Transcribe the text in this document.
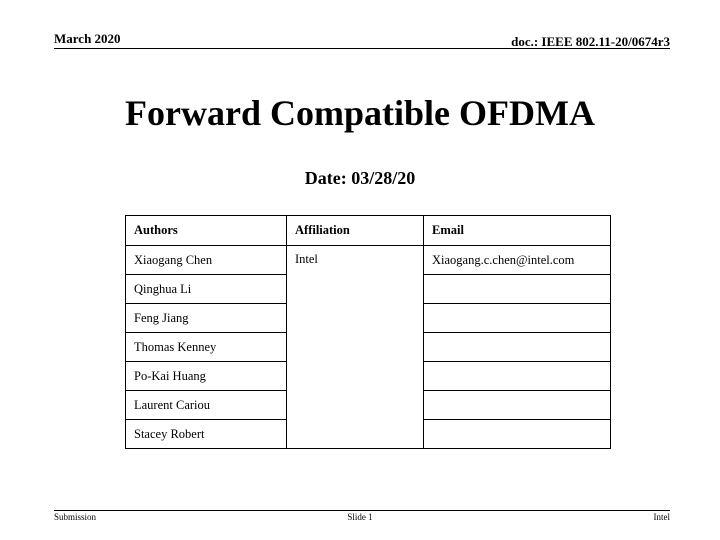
March 2020	doc.: IEEE 802.11-20/0674r3
Forward Compatible OFDMA
Date: 03/28/20
Authors	Affiliation	Email
Xiaogang Chen	Intel	Xiaogang.c.chen@intel.com
Qinghua Li		
Feng Jiang		
Thomas Kenney		
Po-Kai Huang		
Laurent Cariou		
Stacey Robert		
Submission	Slide 1	Intel
